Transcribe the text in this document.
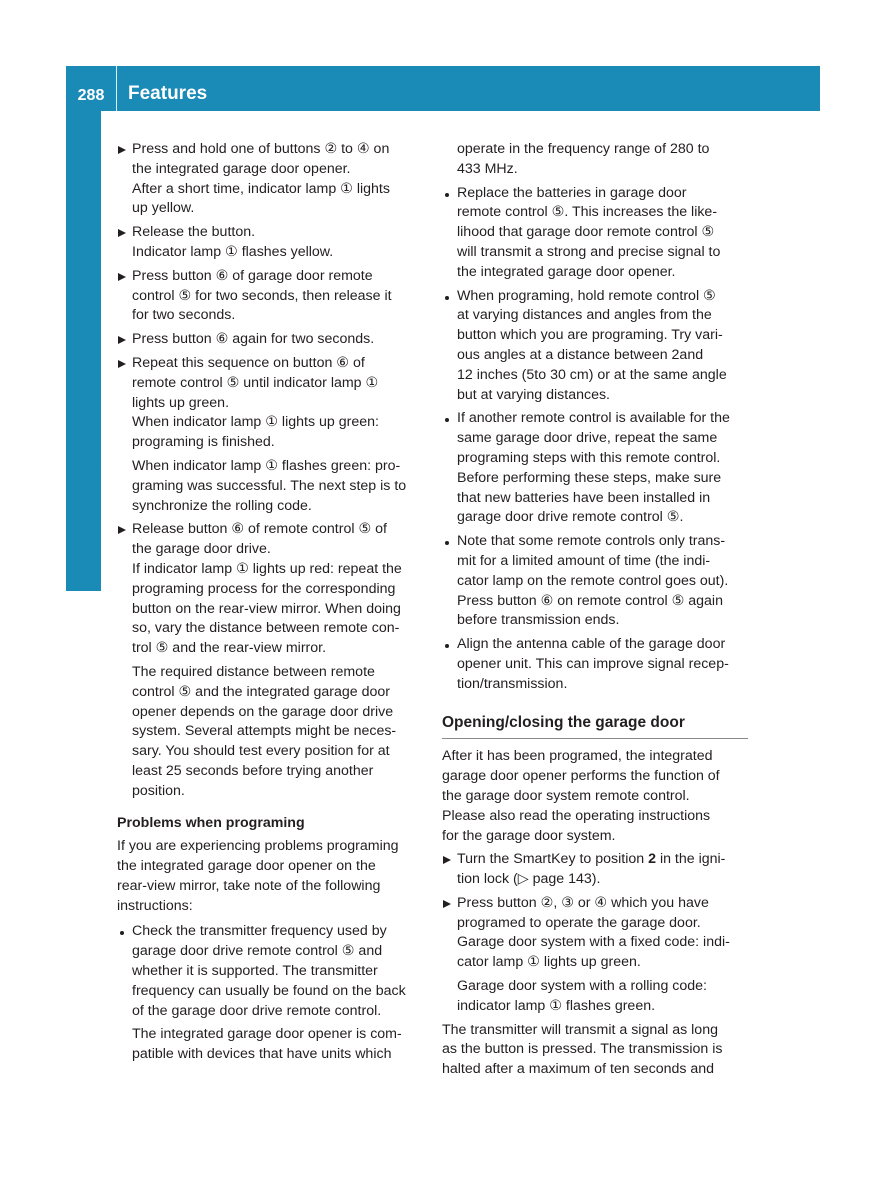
288	Features
Stowage and features
Press and hold one of buttons ② to ④ on
the integrated garage door opener.
After a short time, indicator lamp ① lights
up yellow.
Release the button.
Indicator lamp ① flashes yellow.
Press button ⑥ of garage door remote
control ⑤ for two seconds, then release it
for two seconds.
Press button ⑥ again for two seconds.
Repeat this sequence on button ⑥ of
remote control ⑤ until indicator lamp ①
lights up green.
When indicator lamp ① lights up green:
programing is finished.
When indicator lamp ① flashes green: pro-
graming was successful. The next step is to
synchronize the rolling code.
Release button ⑥ of remote control ⑤ of
the garage door drive.
If indicator lamp ① lights up red: repeat the
programing process for the corresponding
button on the rear-view mirror. When doing
so, vary the distance between remote con-
trol ⑤ and the rear-view mirror.
The required distance between remote
control ⑤ and the integrated garage door
opener depends on the garage door drive
system. Several attempts might be neces-
sary. You should test every position for at
least 25 seconds before trying another
position.
Problems when programing
If you are experiencing problems programing
the integrated garage door opener on the
rear-view mirror, take note of the following
instructions:
Check the transmitter frequency used by
garage door drive remote control ⑤ and
whether it is supported. The transmitter
frequency can usually be found on the back
of the garage door drive remote control.
The integrated garage door opener is com-
patible with devices that have units which
operate in the frequency range of 280 to
433 MHz.
Replace the batteries in garage door
remote control ⑤. This increases the like-
lihood that garage door remote control ⑤
will transmit a strong and precise signal to
the integrated garage door opener.
When programing, hold remote control ⑤
at varying distances and angles from the
button which you are programing. Try vari-
ous angles at a distance between 2and
12 inches (5to 30 cm) or at the same angle
but at varying distances.
If another remote control is available for the
same garage door drive, repeat the same
programing steps with this remote control.
Before performing these steps, make sure
that new batteries have been installed in
garage door drive remote control ⑤.
Note that some remote controls only trans-
mit for a limited amount of time (the indi-
cator lamp on the remote control goes out).
Press button ⑥ on remote control ⑤ again
before transmission ends.
Align the antenna cable of the garage door
opener unit. This can improve signal recep-
tion/transmission.
Opening/closing the garage door
After it has been programed, the integrated
garage door opener performs the function of
the garage door system remote control.
Please also read the operating instructions
for the garage door system.
Turn the SmartKey to position 2 in the igni-
tion lock (▷ page 143).
Press button ②, ③ or ④ which you have
programed to operate the garage door.
Garage door system with a fixed code: indi-
cator lamp ① lights up green.
Garage door system with a rolling code:
indicator lamp ① flashes green.
The transmitter will transmit a signal as long
as the button is pressed. The transmission is
halted after a maximum of ten seconds and
